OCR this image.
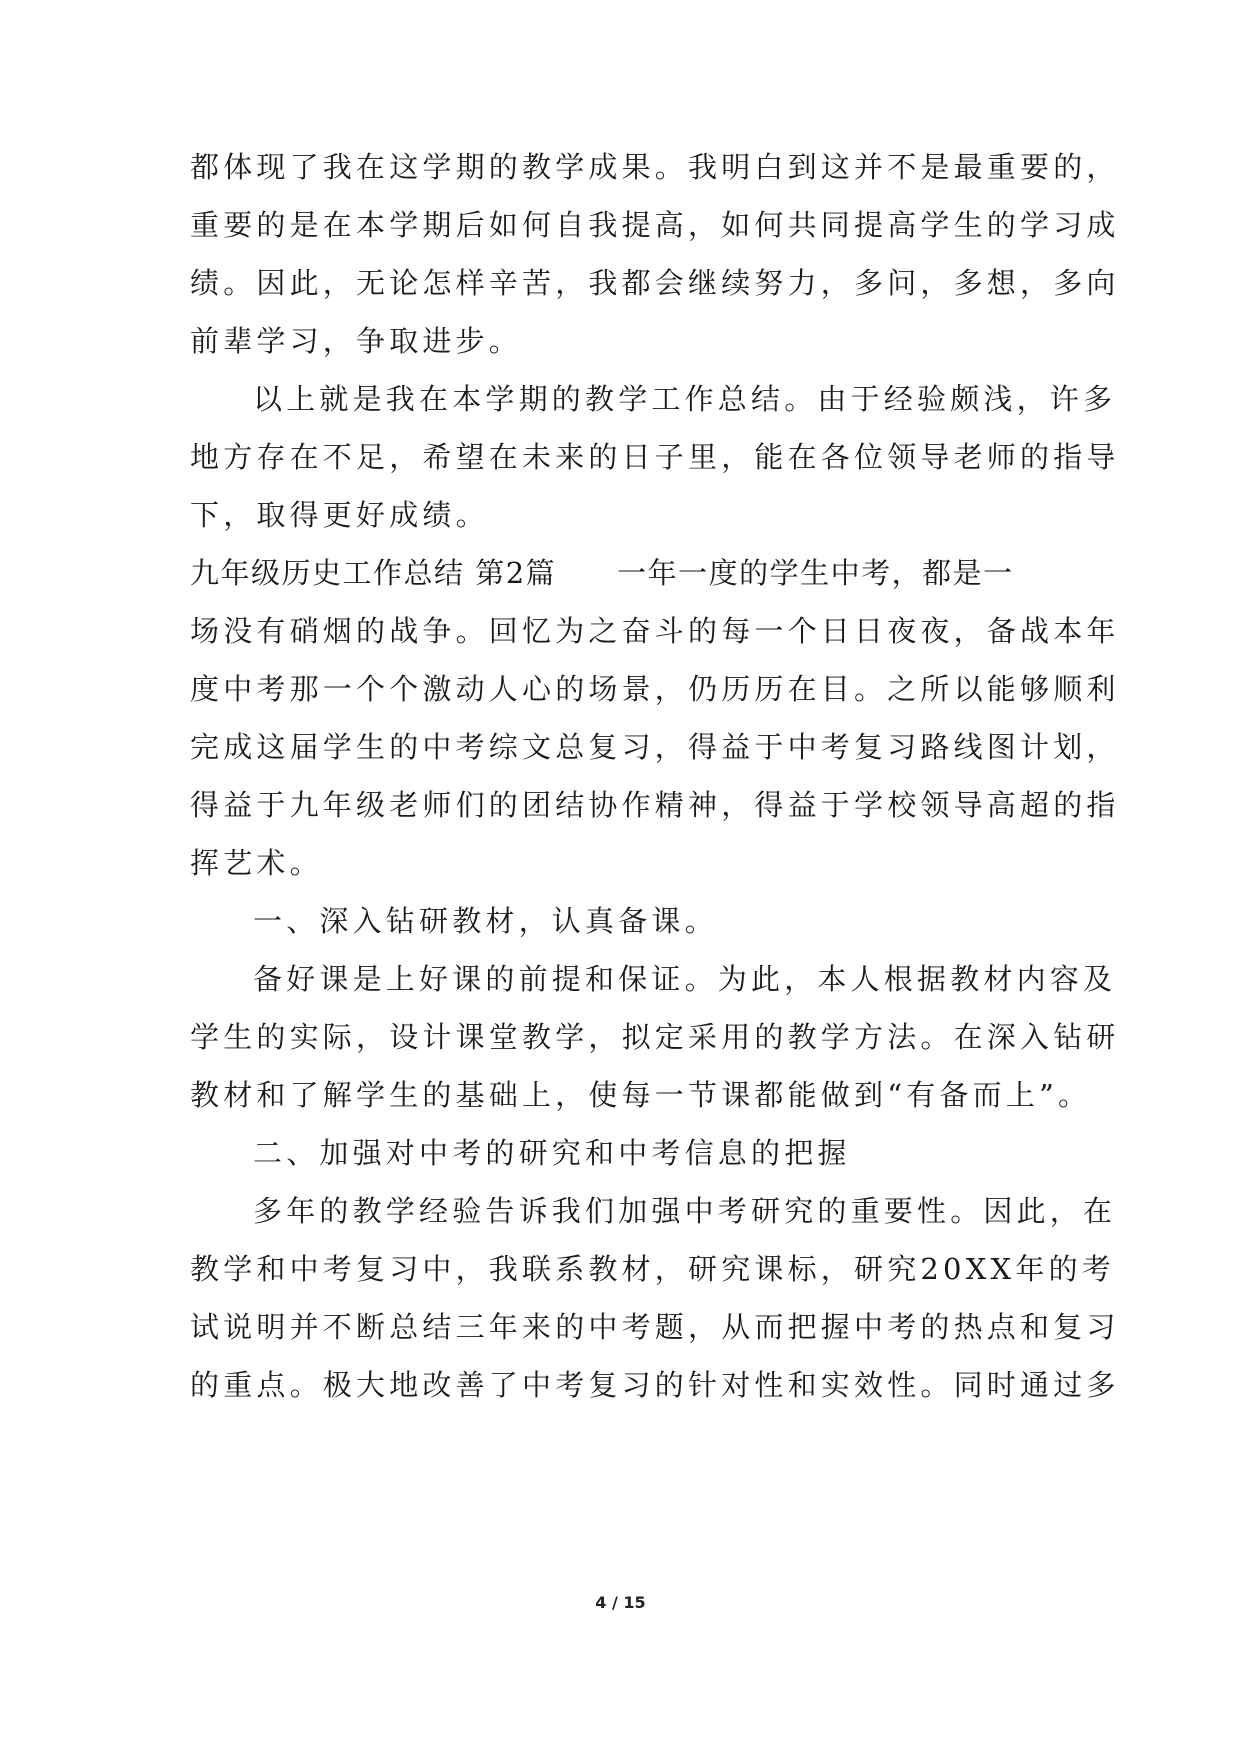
都体现了我在这学期的教学成果。我明白到这并不是最重要的，
重要的是在本学期后如何自我提高，如何共同提高学生的学习成
绩。因此，无论怎样辛苦，我都会继续努力，多问，多想，多向
前辈学习，争取进步。
以上就是我在本学期的教学工作总结。由于经验颇浅，许多
地方存在不足，希望在未来的日子里，能在各位领导老师的指导
下，取得更好成绩。
九年级历史工作总结 第2篇　　一年一度的学生中考，都是一
场没有硝烟的战争。回忆为之奋斗的每一个日日夜夜，备战本年
度中考那一个个激动人心的场景，仍历历在目。之所以能够顺利
完成这届学生的中考综文总复习，得益于中考复习路线图计划，
得益于九年级老师们的团结协作精神，得益于学校领导高超的指
挥艺术。
一、深入钻研教材，认真备课。
备好课是上好课的前提和保证。为此，本人根据教材内容及
学生的实际，设计课堂教学，拟定采用的教学方法。在深入钻研
教材和了解学生的基础上，使每一节课都能做到“有备而上”。
二、加强对中考的研究和中考信息的把握
多年的教学经验告诉我们加强中考研究的重要性。因此，在
教学和中考复习中，我联系教材，研究课标，研究20XX年的考
试说明并不断总结三年来的中考题，从而把握中考的热点和复习
的重点。极大地改善了中考复习的针对性和实效性。同时通过多
4 / 15
